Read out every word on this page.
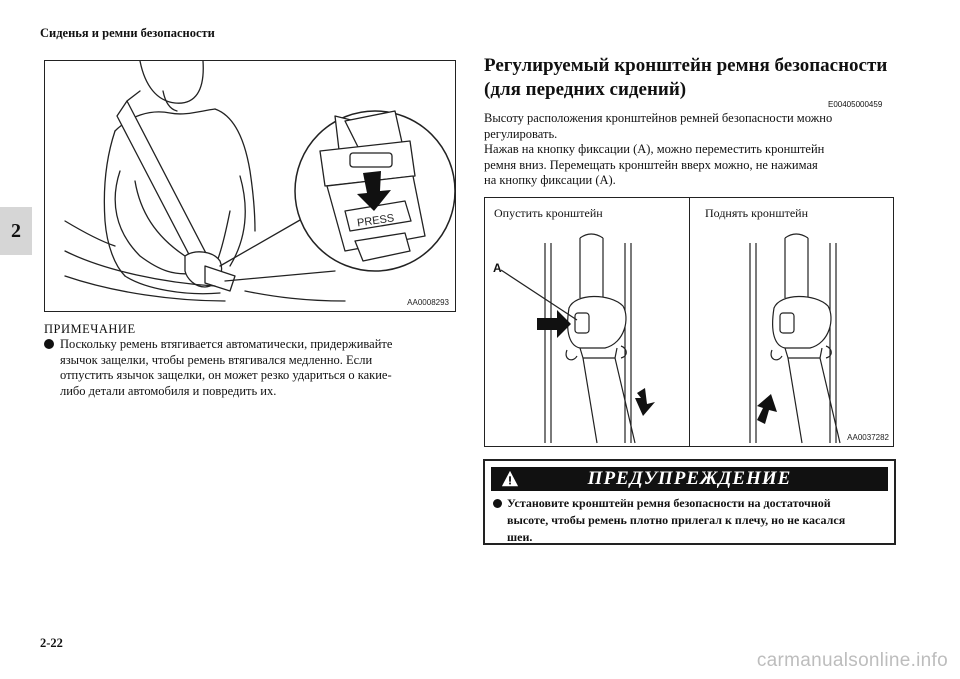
Сиденья и ремни безопасности
2	PRESS
AA0008293
ПРИМЕЧАНИЕ
Поскольку ремень втягивается автоматически, придерживайте
язычок защелки, чтобы ремень втягивался медленно. Если
отпустить язычок защелки, он может резко удариться о какие-
либо детали автомобиля и повредить их.
Регулируемый кронштейн ремня безопасности
(для передних сидений)
E00405000459
Высоту расположения кронштейнов ремней безопасности можно
регулировать.
Нажав на кнопку фиксации (A), можно переместить кронштейн
ремня вниз. Перемещать кронштейн вверх можно, не нажимая
на кнопку фиксации (A).
Опустить кронштейн	Поднять кронштейн
A
AA0037282
ПРЕДУПРЕЖДЕНИЕ
Установите кронштейн ремня безопасности на достаточной
высоте, чтобы ремень плотно прилегал к плечу, но не касался
шеи.
2-22
carmanualsonline.info
